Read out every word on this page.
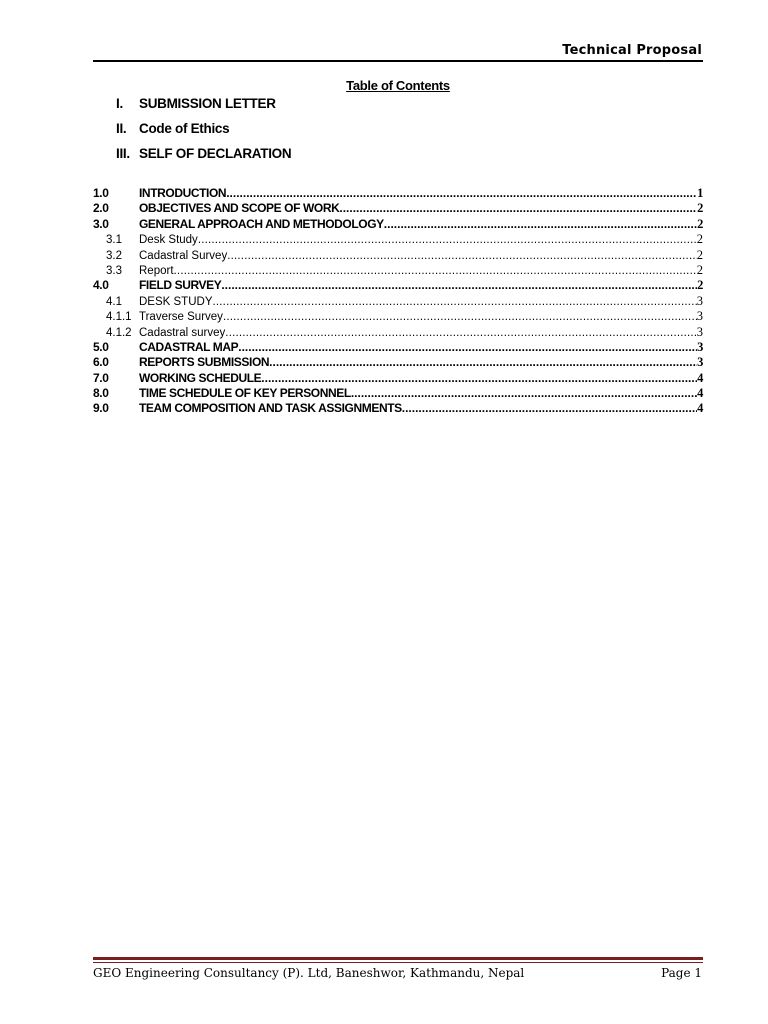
Technical Proposal
Table of Contents
I.	SUBMISSION LETTER
II. Code of Ethics
III. SELF OF DECLARATION
1.0	INTRODUCTION .....	1
2.0	OBJECTIVES AND SCOPE OF WORK .....	2
3.0	GENERAL APPROACH AND METHODOLOGY .....	2
3.1	Desk Study .....	2
3.2	Cadastral Survey .....	2
3.3	Report .....	2
4.0	FIELD SURVEY .....	2
4.1	DESK STUDY .....	3
4.1.1 Traverse Survey .....	3
4.1.2 Cadastral survey .....	3
5.0	CADASTRAL MAP .....	3
6.0	REPORTS SUBMISSION .....	3
7.0	WORKING SCHEDULE .....	4
8.0	TIME SCHEDULE OF KEY PERSONNEL .....	4
9.0	TEAM COMPOSITION AND TASK ASSIGNMENTS .....	4
GEO Engineering Consultancy (P). Ltd, Baneshwor, Kathmandu, Nepal	Page 1
